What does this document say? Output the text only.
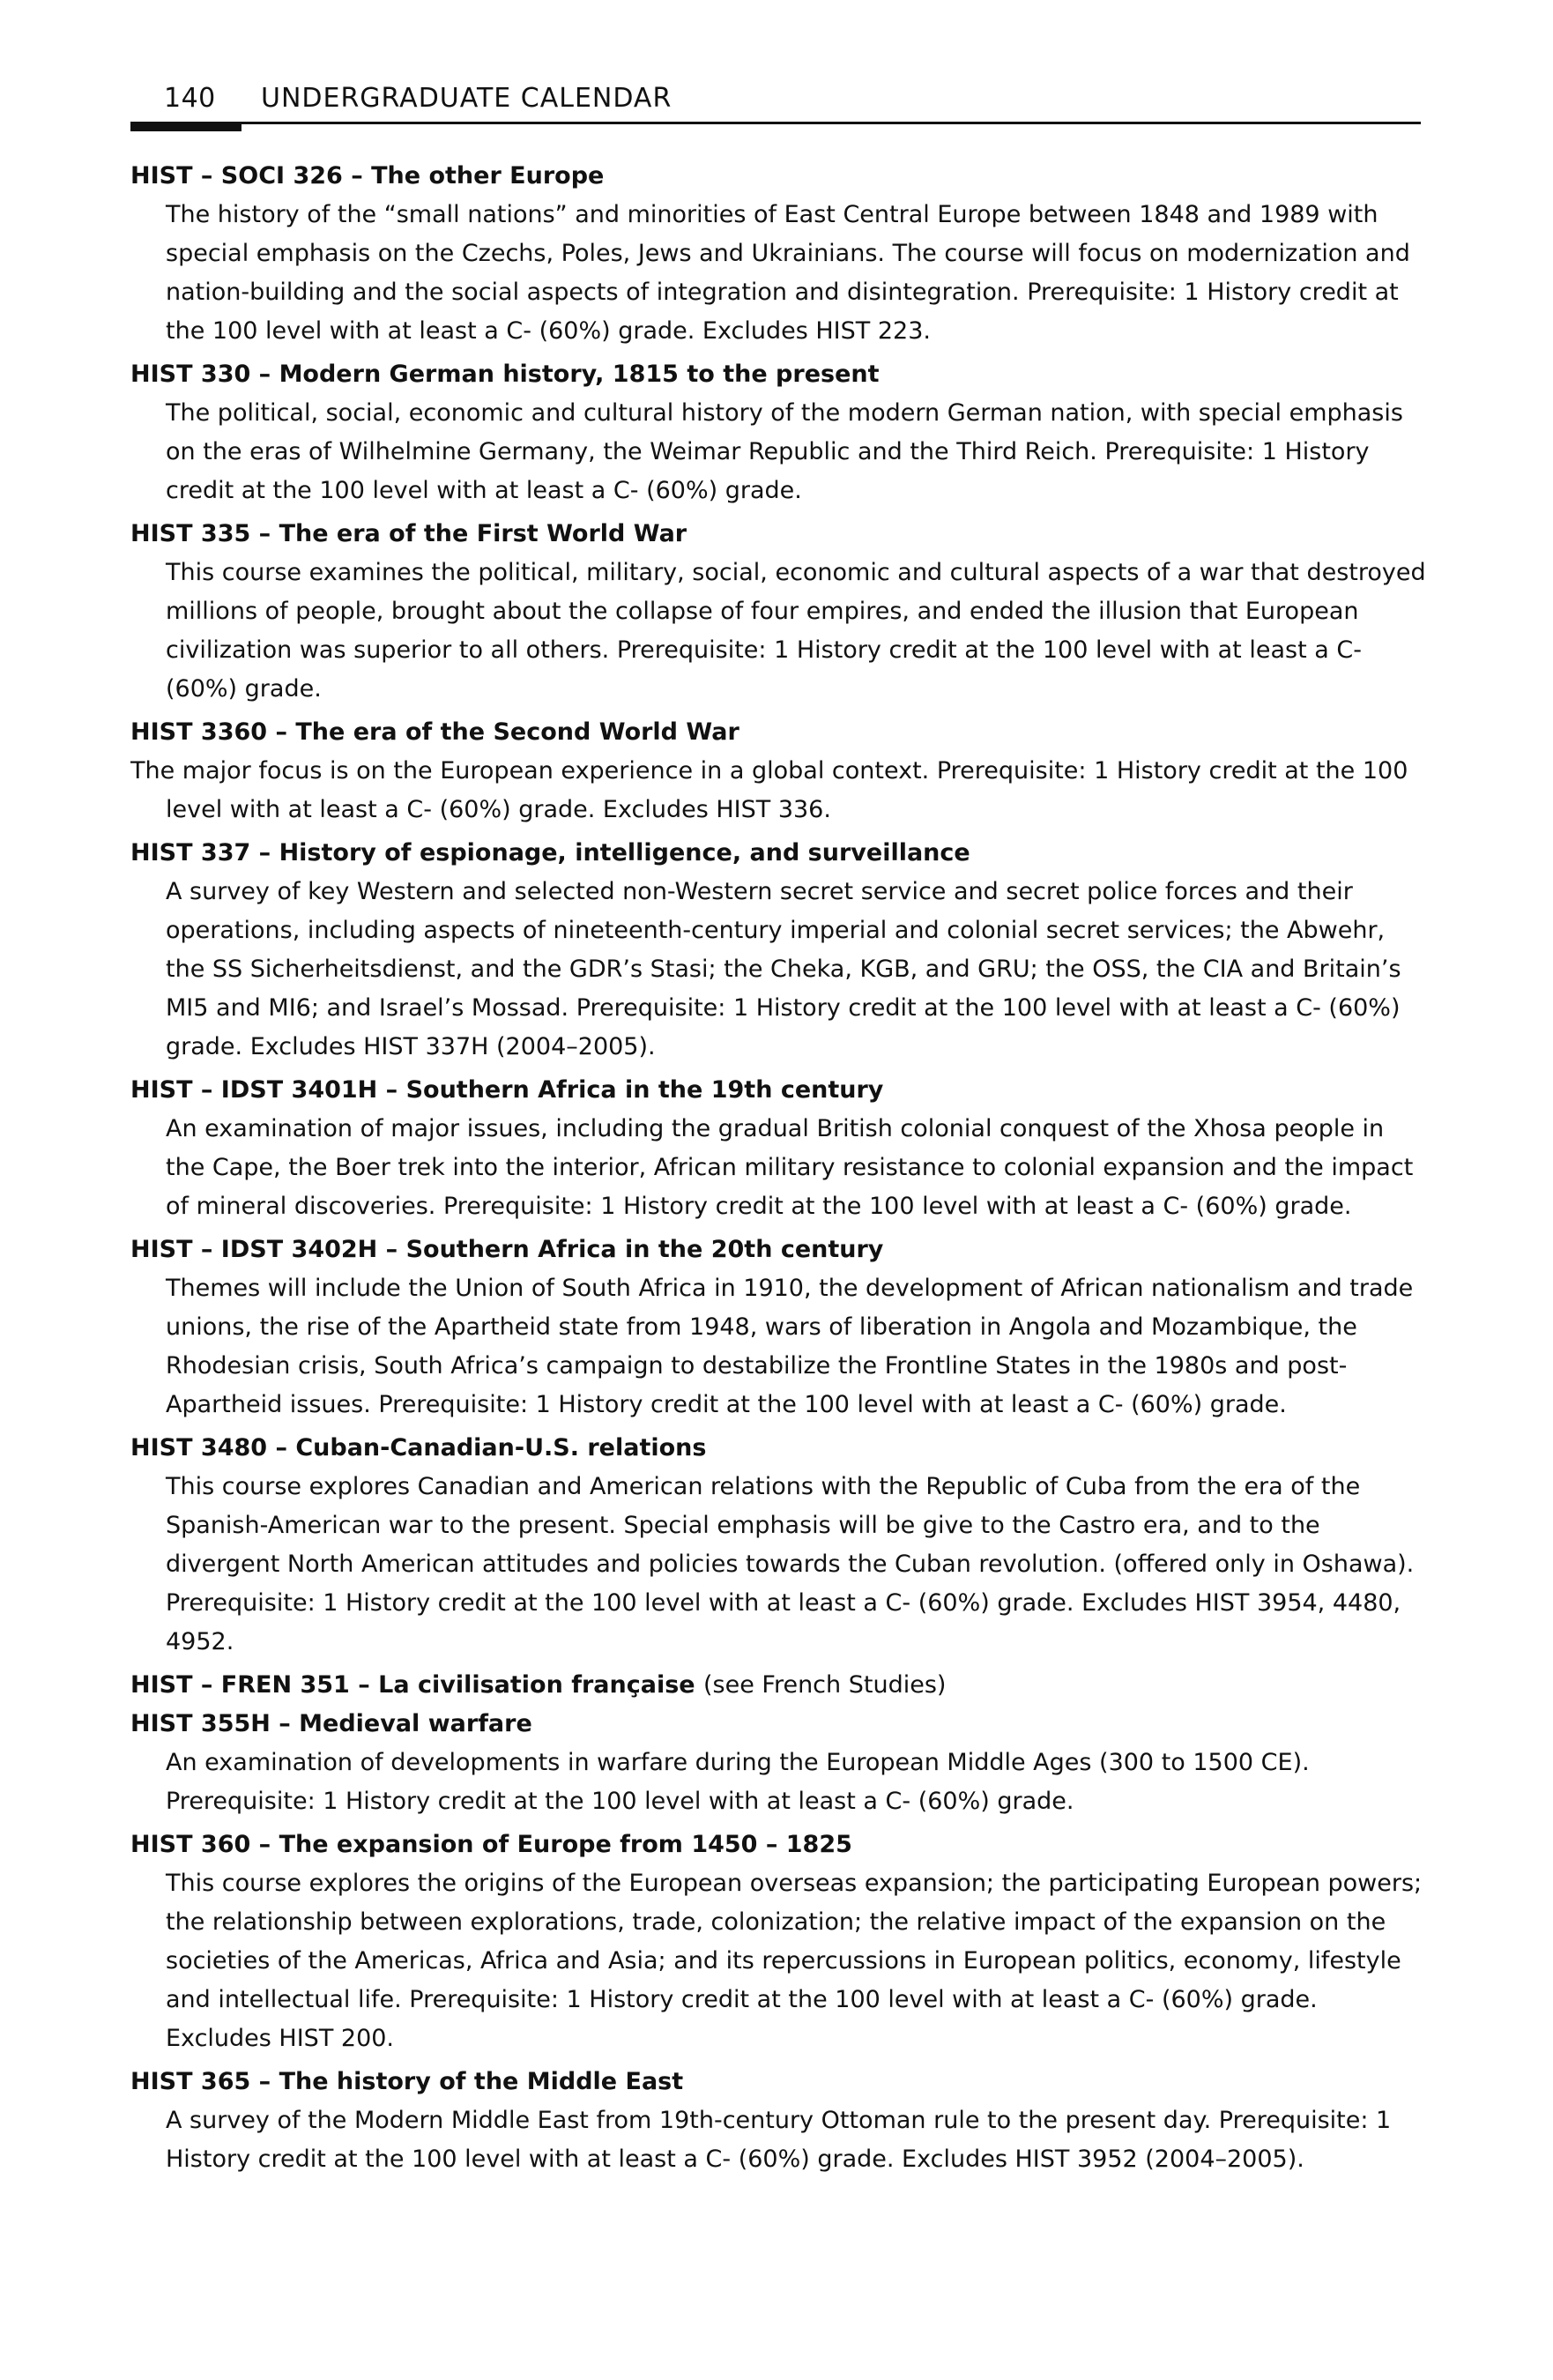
140 UNDERGRADUATE CALENDAR

HIST – SOCI 326 – The other Europe

The history of the “small nations” and minorities of East Central Europe between 1848 and 1989 with special emphasis on the Czechs, Poles, Jews and Ukrainians. The course will focus on modernization and nation-building and the social aspects of integration and disintegration. Prerequisite: 1 History credit at the 100 level with at least a C- (60%) grade. Excludes HIST 223.

HIST 330 – Modern German history, 1815 to the present

The political, social, economic and cultural history of the modern German nation, with special emphasis on the eras of Wilhelmine Germany, the Weimar Republic and the Third Reich. Prerequisite: 1 History credit at the 100 level with at least a C- (60%) grade.

HIST 335 – The era of the First World War

This course examines the political, military, social, economic and cultural aspects of a war that destroyed millions of people, brought about the collapse of four empires, and ended the illusion that European civilization was superior to all others. Prerequisite: 1 History credit at the 100 level with at least a C- (60%) grade.

HIST 3360 – The era of the Second World War

The major focus is on the European experience in a global context. Prerequisite: 1 History credit at the 100 level with at least a C- (60%) grade. Excludes HIST 336.

HIST 337 – History of espionage, intelligence, and surveillance

A survey of key Western and selected non-Western secret service and secret police forces and their operations, including aspects of nineteenth-century imperial and colonial secret services; the Abwehr, the SS Sicherheitsdienst, and the GDR’s Stasi; the Cheka, KGB, and GRU; the OSS, the CIA and Britain’s MI5 and MI6; and Israel’s Mossad. Prerequisite: 1 History credit at the 100 level with at least a C- (60%) grade. Excludes HIST 337H (2004–2005).

HIST – IDST 3401H – Southern Africa in the 19th century

An examination of major issues, including the gradual British colonial conquest of the Xhosa people in the Cape, the Boer trek into the interior, African military resistance to colonial expansion and the impact of mineral discoveries. Prerequisite: 1 History credit at the 100 level with at least a C- (60%) grade.

HIST – IDST 3402H – Southern Africa in the 20th century

Themes will include the Union of South Africa in 1910, the development of African nationalism and trade unions, the rise of the Apartheid state from 1948, wars of liberation in Angola and Mozambique, the Rhodesian crisis, South Africa’s campaign to destabilize the Frontline States in the 1980s and post-Apartheid issues. Prerequisite: 1 History credit at the 100 level with at least a C- (60%) grade.

HIST 3480 – Cuban-Canadian-U.S. relations

This course explores Canadian and American relations with the Republic of Cuba from the era of the Spanish-American war to the present. Special emphasis will be give to the Castro era, and to the divergent North American attitudes and policies towards the Cuban revolution. (offered only in Oshawa). Prerequisite: 1 History credit at the 100 level with at least a C- (60%) grade. Excludes HIST 3954, 4480, 4952.

HIST – FREN 351 – La civilisation française (see French Studies)

HIST 355H – Medieval warfare

An examination of developments in warfare during the European Middle Ages (300 to 1500 CE). Prerequisite: 1 History credit at the 100 level with at least a C- (60%) grade.

HIST 360 – The expansion of Europe from 1450 – 1825

This course explores the origins of the European overseas expansion; the participating European powers; the relationship between explorations, trade, colonization; the relative impact of the expansion on the societies of the Americas, Africa and Asia; and its repercussions in European politics, economy, lifestyle and intellectual life. Prerequisite: 1 History credit at the 100 level with at least a C- (60%) grade. Excludes HIST 200.

HIST 365 – The history of the Middle East

A survey of the Modern Middle East from 19th-century Ottoman rule to the present day. Prerequisite: 1 History credit at the 100 level with at least a C- (60%) grade. Excludes HIST 3952 (2004–2005).
